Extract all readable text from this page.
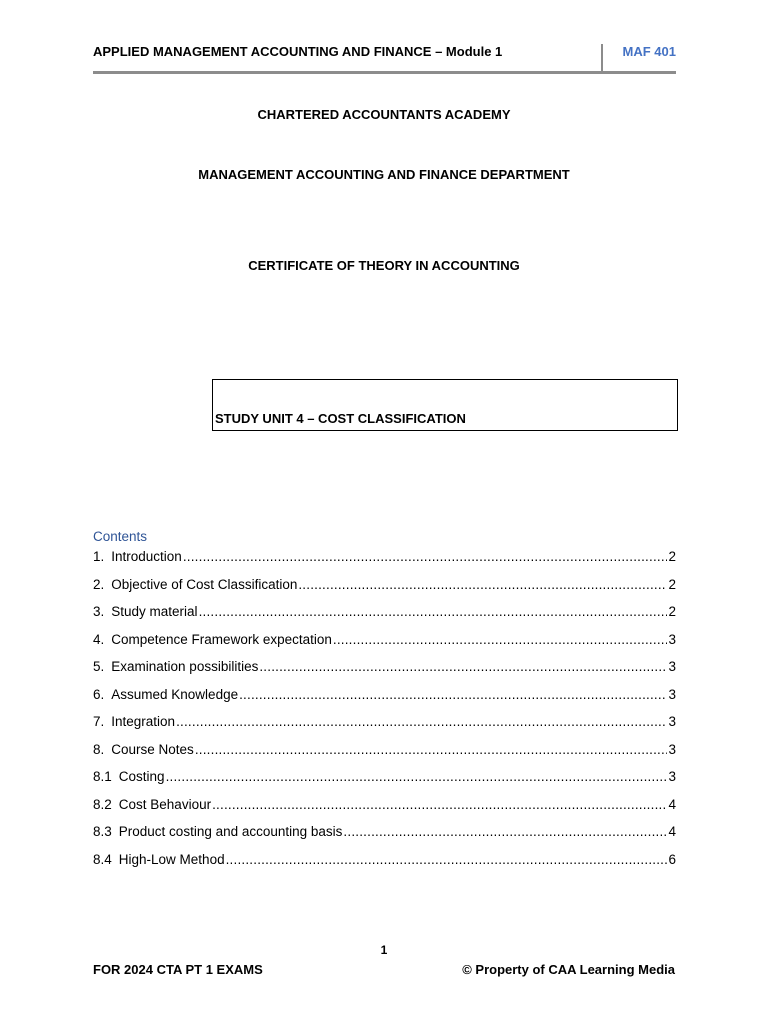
APPLIED MANAGEMENT ACCOUNTING AND FINANCE – Module 1	MAF 401
CHARTERED ACCOUNTANTS ACADEMY
MANAGEMENT ACCOUNTING AND FINANCE DEPARTMENT
CERTIFICATE OF THEORY IN ACCOUNTING
STUDY UNIT 4 – COST CLASSIFICATION
Contents
1. Introduction .....	2
2. Objective of Cost Classification .....	2
3. Study material .....	2
4. Competence Framework expectation .....	3
5. Examination possibilities .....	3
6. Assumed Knowledge .....	3
7. Integration .....	3
8. Course Notes .....	3
8.1 Costing .....	3
8.2 Cost Behaviour .....	4
8.3 Product costing and accounting basis .....	4
8.4 High-Low Method .....	6
1
FOR 2024 CTA PT 1 EXAMS	© Property of CAA Learning Media
